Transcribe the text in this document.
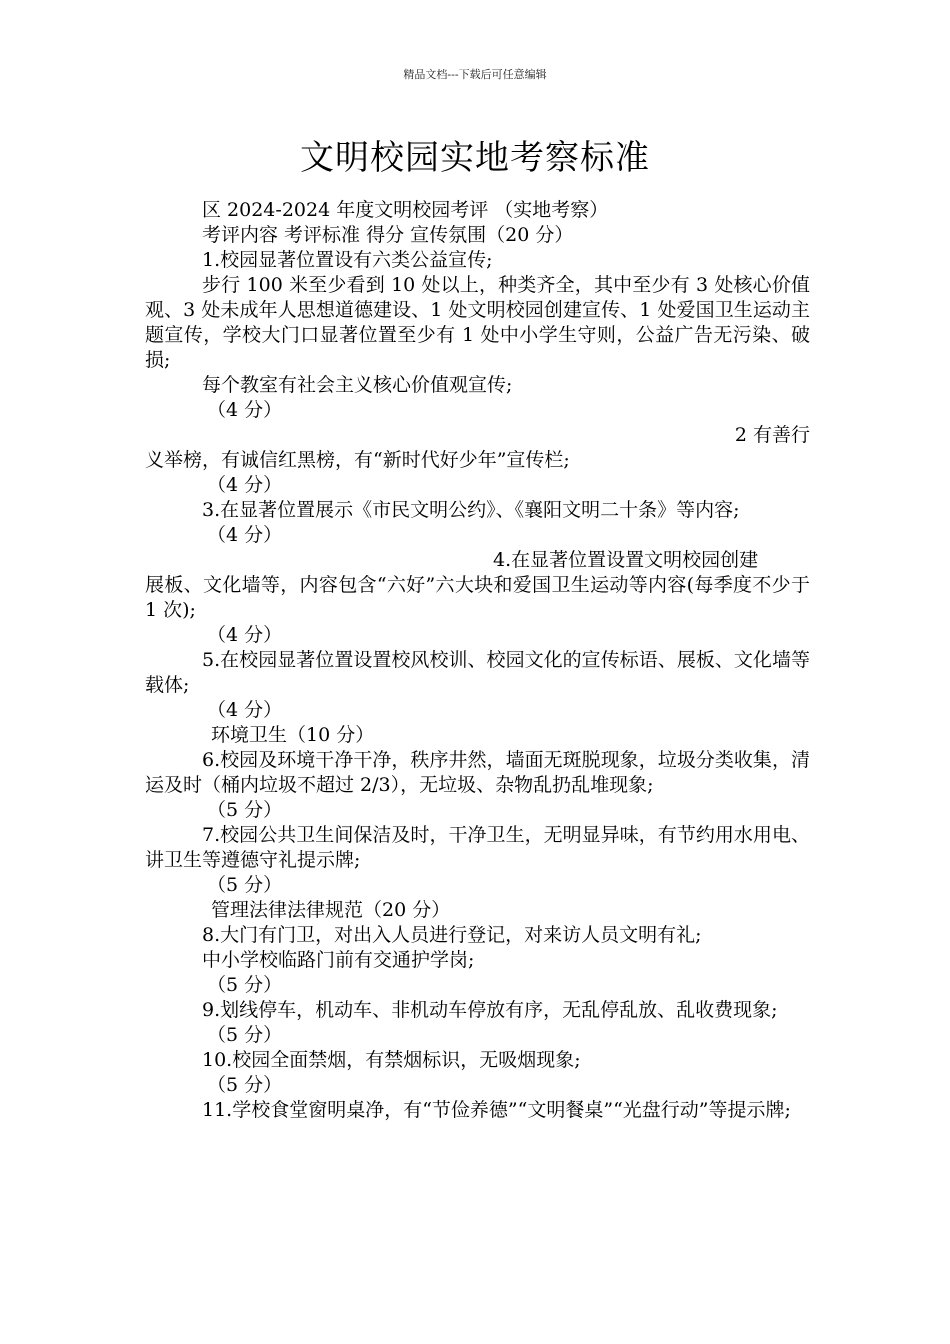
精品文档---下载后可任意编辑
文明校园实地考察标准

区 2024-2024 年度文明校园考评 （实地考察）

考评内容 考评标准 得分 宣传氛围（20 分）

1.校园显著位置设有六类公益宣传;

步行 100 米至少看到 10 处以上，种类齐全，其中至少有 3 处核心价值观、3 处未成年人思想道德建设、1 处文明校园创建宣传、1 处爱国卫生运动主题宣传，学校大门口显著位置至少有 1 处中小学生守则，公益广告无污染、破损;

每个教室有社会主义核心价值观宣传;

（4 分）

2 有善行

义举榜，有诚信红黑榜，有“新时代好少年”宣传栏;

（4 分）

3.在显著位置展示《市民文明公约》、《襄阳文明二十条》等内容;

（4 分）

4.在显著位置设置文明校园创建

展板、文化墙等，内容包含“六好”六大块和爱国卫生运动等内容(每季度不少于 1 次);

（4 分）

5.在校园显著位置设置校风校训、校园文化的宣传标语、展板、文化墙等载体;

（4 分）

环境卫生（10 分）

6.校园及环境干净干净，秩序井然，墙面无斑脱现象，垃圾分类收集，清运及时（桶内垃圾不超过 2/3），无垃圾、杂物乱扔乱堆现象;

（5 分）

7.校园公共卫生间保洁及时，干净卫生，无明显异味，有节约用水用电、讲卫生等遵德守礼提示牌;

（5 分）

管理法律法律规范（20 分）

8.大门有门卫，对出入人员进行登记，对来访人员文明有礼;

中小学校临路门前有交通护学岗;

（5 分）

9.划线停车，机动车、非机动车停放有序，无乱停乱放、乱收费现象;

（5 分）

10.校园全面禁烟，有禁烟标识，无吸烟现象;

（5 分）

11.学校食堂窗明桌净，有“节俭养德”“文明餐桌”“光盘行动”等提示牌;
